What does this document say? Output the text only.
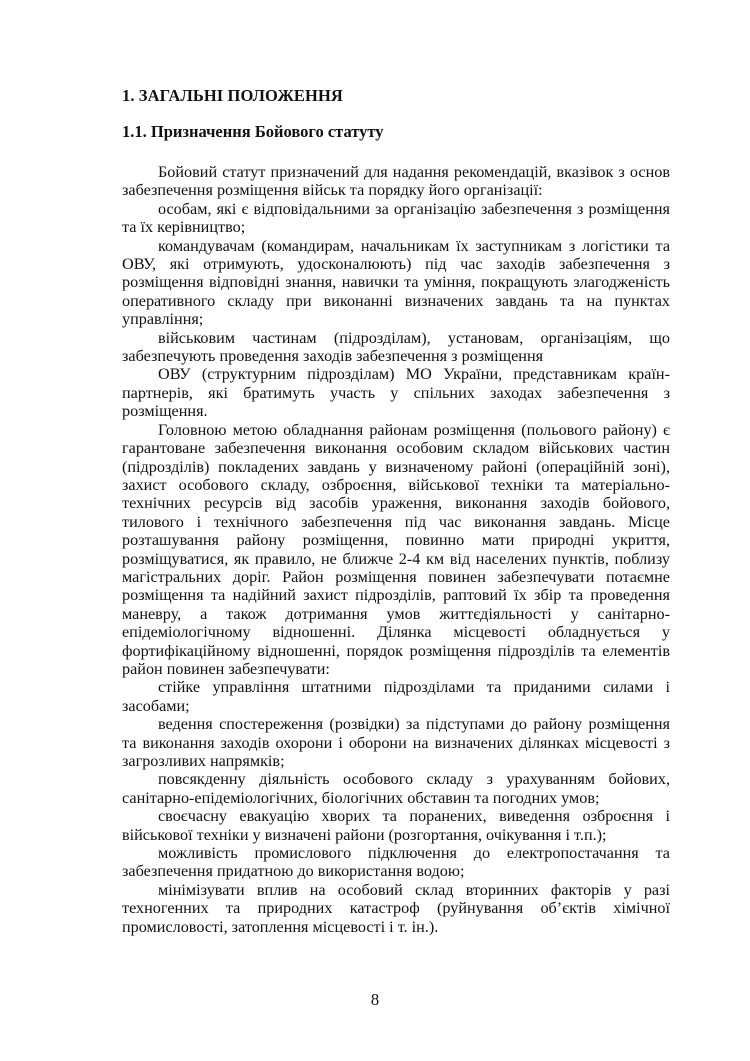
1. ЗАГАЛЬНІ ПОЛОЖЕННЯ
1.1. Призначення Бойового статуту

Бойовий статут призначений для надання рекомендацій, вказівок з основ забезпечення розміщення військ та порядку його організації:

особам, які є відповідальними за організацію забезпечення з розміщення та їх керівництво;

командувачам (командирам, начальникам їх заступникам з логістики та ОВУ, які отримують, удосконалюють) під час заходів забезпечення з розміщення відповідні знання, навички та уміння, покращують злагодженість оперативного складу при виконанні визначених завдань та на пунктах управління;

військовим частинам (підрозділам), установам, організаціям, що забезпечують проведення заходів забезпечення з розміщення

ОВУ (структурним підрозділам) МО України, представникам країн-партнерів, які братимуть участь у спільних заходах забезпечення з розміщення.

Головною метою обладнання районам розміщення (польового району) є гарантоване забезпечення виконання особовим складом військових частин (підрозділів) покладених завдань у визначеному районі (операційній зоні), захист особового складу, озброєння, військової техніки та матеріально-технічних ресурсів від засобів ураження, виконання заходів бойового, тилового і технічного забезпечення під час виконання завдань. Місце розташування району розміщення, повинно мати природні укриття, розміщуватися, як правило, не ближче 2-4 км від населених пунктів, поблизу магістральних доріг. Район розміщення повинен забезпечувати потаємне розміщення та надійний захист підрозділів, раптовий їх збір та проведення маневру, а також дотримання умов життєдіяльності у санітарно-епідеміологічному відношенні. Ділянка місцевості обладнується у фортифікаційному відношенні, порядок розміщення підрозділів та елементів район повинен забезпечувати:

стійке управління штатними підрозділами та приданими силами і засобами;

ведення спостереження (розвідки) за підступами до району розміщення та виконання заходів охорони і оборони на визначених ділянках місцевості з загрозливих напрямків;

повсякденну діяльність особового складу з урахуванням бойових, санітарно-епідеміологічних, біологічних обставин та погодних умов;

своєчасну евакуацію хворих та поранених, виведення озброєння і військової техніки у визначені райони (розгортання, очікування і т.п.);

можливість промислового підключення до електропостачання та забезпечення придатною до використання водою;

мінімізувати вплив на особовий склад вторинних факторів у разі техногенних та природних катастроф (руйнування об’єктів хімічної промисловості, затоплення місцевості і т. ін.).

8
